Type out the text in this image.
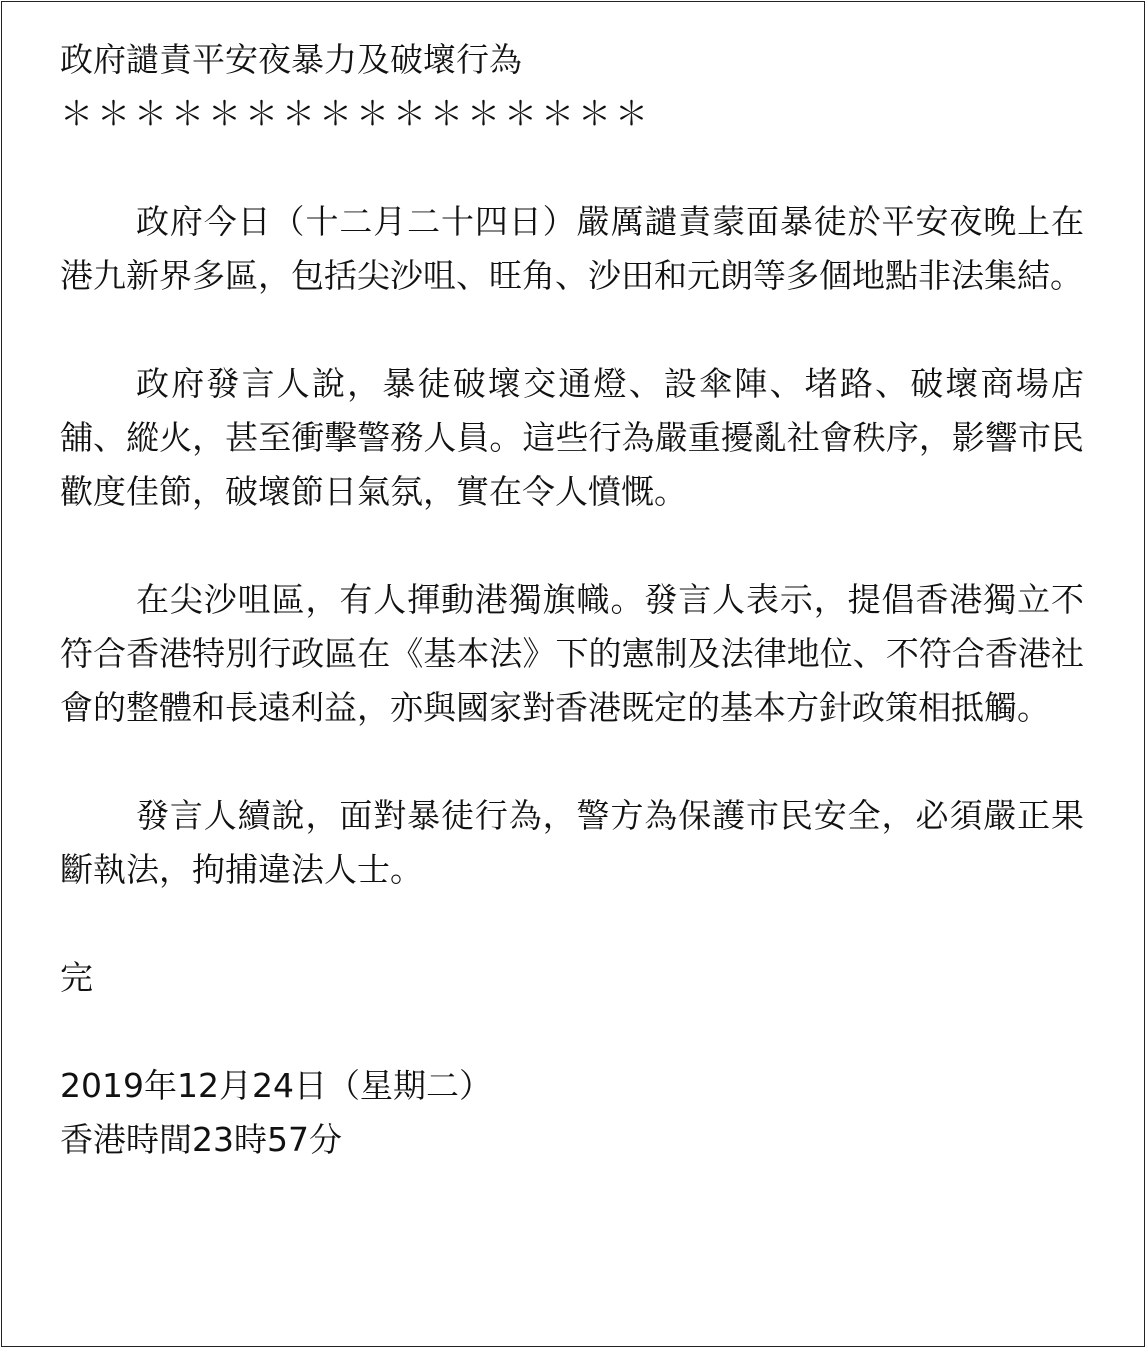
政府譴責平安夜暴力及破壞行為
＊＊＊＊＊＊＊＊＊＊＊＊＊＊＊＊

政府今日（十二月二十四日）嚴厲譴責蒙面暴徒於平安夜晚上在港九新界多區，包括尖沙咀、旺角、沙田和元朗等多個地點非法集結。

政府發言人說，暴徒破壞交通燈、設傘陣、堵路、破壞商場店舖、縱火，甚至衝擊警務人員。這些行為嚴重擾亂社會秩序，影響市民歡度佳節，破壞節日氣氛，實在令人憤慨。

在尖沙咀區，有人揮動港獨旗幟。發言人表示，提倡香港獨立不符合香港特別行政區在《基本法》下的憲制及法律地位、不符合香港社會的整體和長遠利益，亦與國家對香港既定的基本方針政策相抵觸。

發言人續說，面對暴徒行為，警方為保護市民安全，必須嚴正果斷執法，拘捕違法人士。

完
2019年12月24日（星期二）
香港時間23時57分
